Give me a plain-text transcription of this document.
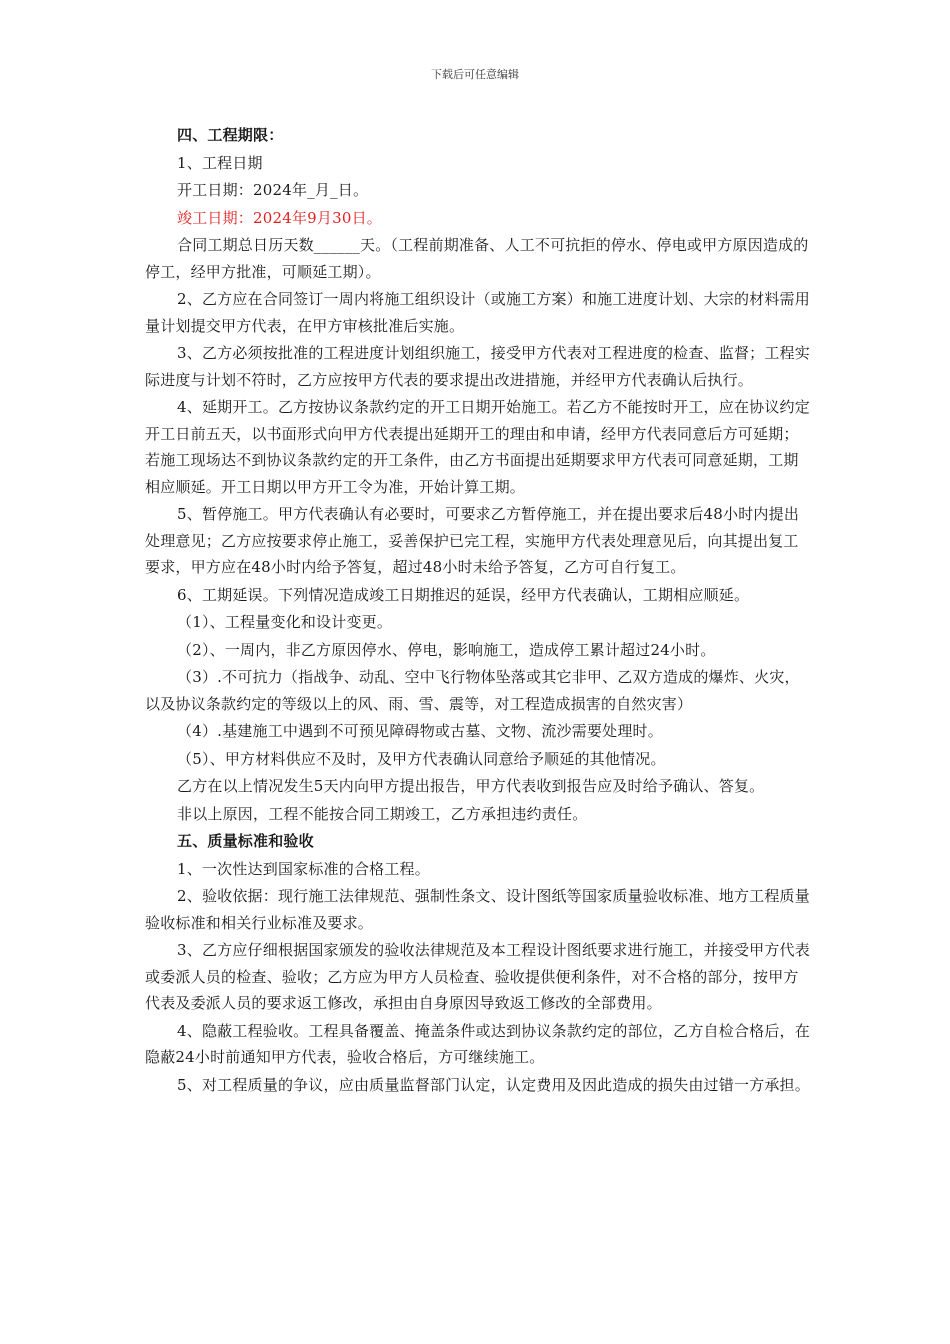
下载后可任意编辑

四、工程期限：

1、工程日期

开工日期：2024年_月_日。

竣工日期：2024年9月30日。

合同工期总日历天数______天。（工程前期准备、人工不可抗拒的停水、停电或甲方原因造成的停工，经甲方批准，可顺延工期）。

2、乙方应在合同签订一周内将施工组织设计（或施工方案）和施工进度计划、大宗的材料需用量计划提交甲方代表，在甲方审核批准后实施。

3、乙方必须按批准的工程进度计划组织施工，接受甲方代表对工程进度的检查、监督；工程实际进度与计划不符时，乙方应按甲方代表的要求提出改进措施，并经甲方代表确认后执行。

4、延期开工。乙方按协议条款约定的开工日期开始施工。若乙方不能按时开工，应在协议约定开工日前五天，以书面形式向甲方代表提出延期开工的理由和申请，经甲方代表同意后方可延期；若施工现场达不到协议条款约定的开工条件，由乙方书面提出延期要求甲方代表可同意延期，工期相应顺延。开工日期以甲方开工令为准，开始计算工期。

5、暂停施工。甲方代表确认有必要时，可要求乙方暂停施工，并在提出要求后48小时内提出处理意见；乙方应按要求停止施工，妥善保护已完工程，实施甲方代表处理意见后，向其提出复工要求，甲方应在48小时内给予答复，超过48小时未给予答复，乙方可自行复工。

6、工期延误。下列情况造成竣工日期推迟的延误，经甲方代表确认，工期相应顺延。

（1）、工程量变化和设计变更。

（2）、一周内，非乙方原因停水、停电，影响施工，造成停工累计超过24小时。

（3）.不可抗力（指战争、动乱、空中飞行物体坠落或其它非甲、乙双方造成的爆炸、火灾，以及协议条款约定的等级以上的风、雨、雪、震等，对工程造成损害的自然灾害）

（4）.基建施工中遇到不可预见障碍物或古墓、文物、流沙需要处理时。

（5）、甲方材料供应不及时，及甲方代表确认同意给予顺延的其他情况。

乙方在以上情况发生5天内向甲方提出报告，甲方代表收到报告应及时给予确认、答复。

非以上原因，工程不能按合同工期竣工，乙方承担违约责任。

五、质量标准和验收

1、一次性达到国家标准的合格工程。

2、验收依据：现行施工法律规范、强制性条文、设计图纸等国家质量验收标准、地方工程质量验收标准和相关行业标准及要求。

3、乙方应仔细根据国家颁发的验收法律规范及本工程设计图纸要求进行施工，并接受甲方代表或委派人员的检查、验收；乙方应为甲方人员检查、验收提供便利条件，对不合格的部分，按甲方代表及委派人员的要求返工修改，承担由自身原因导致返工修改的全部费用。

4、隐蔽工程验收。工程具备覆盖、掩盖条件或达到协议条款约定的部位，乙方自检合格后，在隐蔽24小时前通知甲方代表，验收合格后，方可继续施工。

5、对工程质量的争议，应由质量监督部门认定，认定费用及因此造成的损失由过错一方承担。
